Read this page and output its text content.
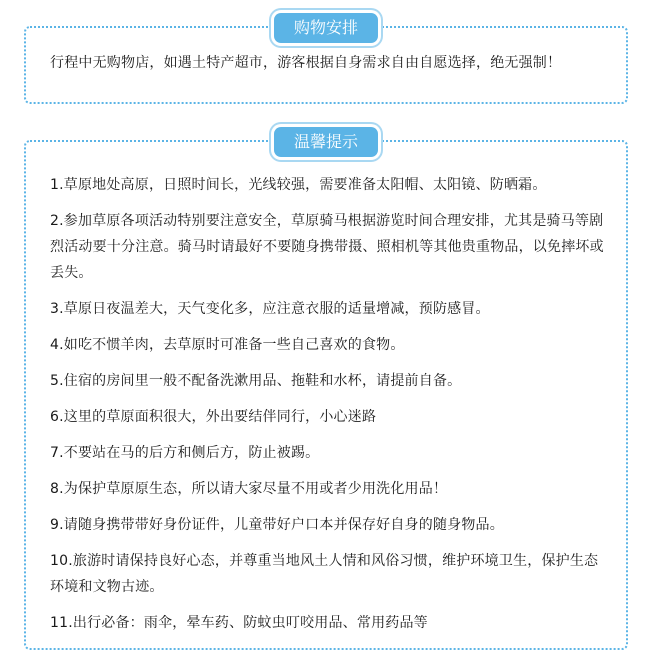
购物安排
行程中无购物店，如遇土特产超市，游客根据自身需求自由自愿选择，绝无强制！
温馨提示

1.草原地处高原，日照时间长，光线较强，需要准备太阳帽、太阳镜、防晒霜。

2.参加草原各项活动特别要注意安全，草原骑马根据游览时间合理安排，尤其是骑马等剧烈活动要十分注意。骑马时请最好不要随身携带摄、照相机等其他贵重物品，以免摔坏或丢失。

3.草原日夜温差大，天气变化多，应注意衣服的适量增减，预防感冒。

4.如吃不惯羊肉，去草原时可准备一些自己喜欢的食物。

5.住宿的房间里一般不配备洗漱用品、拖鞋和水杯，请提前自备。

6.这里的草原面积很大，外出要结伴同行，小心迷路

7.不要站在马的后方和侧后方，防止被踢。

8.为保护草原原生态，所以请大家尽量不用或者少用洗化用品！

9.请随身携带带好身份证件，儿童带好户口本并保存好自身的随身物品。

10.旅游时请保持良好心态，并尊重当地风土人情和风俗习惯，维护环境卫生，保护生态环境和文物古迹。

11.出行必备：雨伞，晕车药、防蚊虫叮咬用品、常用药品等
